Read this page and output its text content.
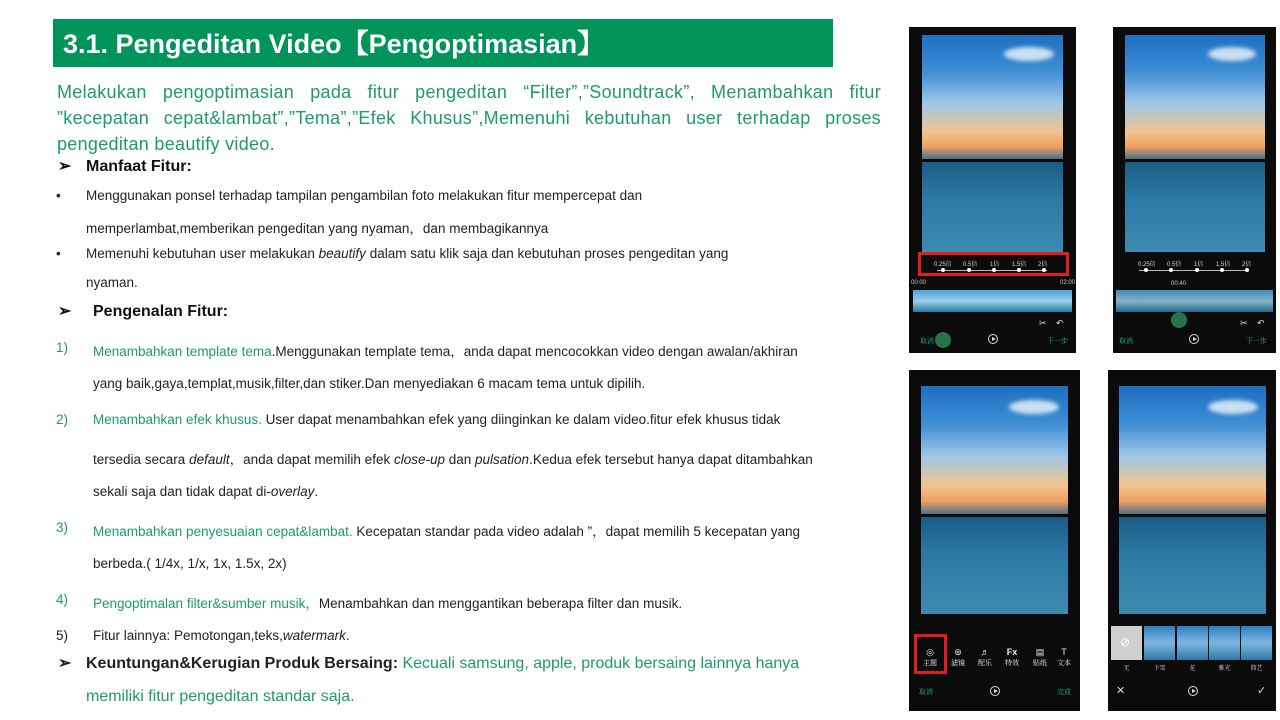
3.1. Pengeditan Video【Pengoptimasian】
Melakukan pengoptimasian pada fitur pengeditan “Filter”,”Soundtrack”, Menambahkan fitur ”kecepatan cepat&lambat”,”Tema”,”Efek Khusus”,Memenuhi kebutuhan user terhadap proses pengeditan beautify video.
➢ Manfaat Fitur:
• Menggunakan ponsel terhadap tampilan pengambilan foto melakukan fitur mempercepat dan
memperlambat,memberikan pengeditan yang nyaman，dan membagikannya
• Memenuhi kebutuhan user melakukan beautify dalam satu klik saja dan kebutuhan proses pengeditan yang
nyaman.
➢ Pengenalan Fitur:
1) Menambahkan template tema.Menggunakan template tema，anda dapat mencocokkan video dengan awalan/akhiran
yang baik,gaya,templat,musik,filter,dan stiker.Dan menyediakan 6 macam tema untuk dipilih.
2) Menambahkan efek khusus. User dapat menambahkan efek yang diinginkan ke dalam video.fitur efek khusus tidak
tersedia secara default，anda dapat memilih efek close-up dan pulsation.Kedua efek tersebut hanya dapat ditambahkan
sekali saja dan tidak dapat di-overlay.
3) Menambahkan penyesuaian cepat&lambat. Kecepatan standar pada video adalah ”，dapat memilih 5 kecepatan yang
berbeda.( 1/4x, 1/x, 1x, 1.5x, 2x)
4) Pengoptimalan filter&sumber musik，Menambahkan dan menggantikan beberapa filter dan musik.
5) Fitur lainnya: Pemotongan,teks,watermark.
➢ Keuntungan&Kerugian Produk Bersaing: Kecuali samsung, apple, produk bersaing lainnya hanya
memiliki fitur pengeditan standar saja.
0.25倍 0.5倍 1倍 1.5倍 2倍
00:00	02:00
✂ ↶
取消	下一步
0.25倍 0.5倍 1倍 1.5倍 2倍
00:40
✂ ↶
取消	下一步
◎
主题
⊛
滤镜
♬
配乐
Fx
特效
▤
贴纸
T
文本
取消	完成
⊘
无	下雪	花	雅光	简艺
✕	✓
